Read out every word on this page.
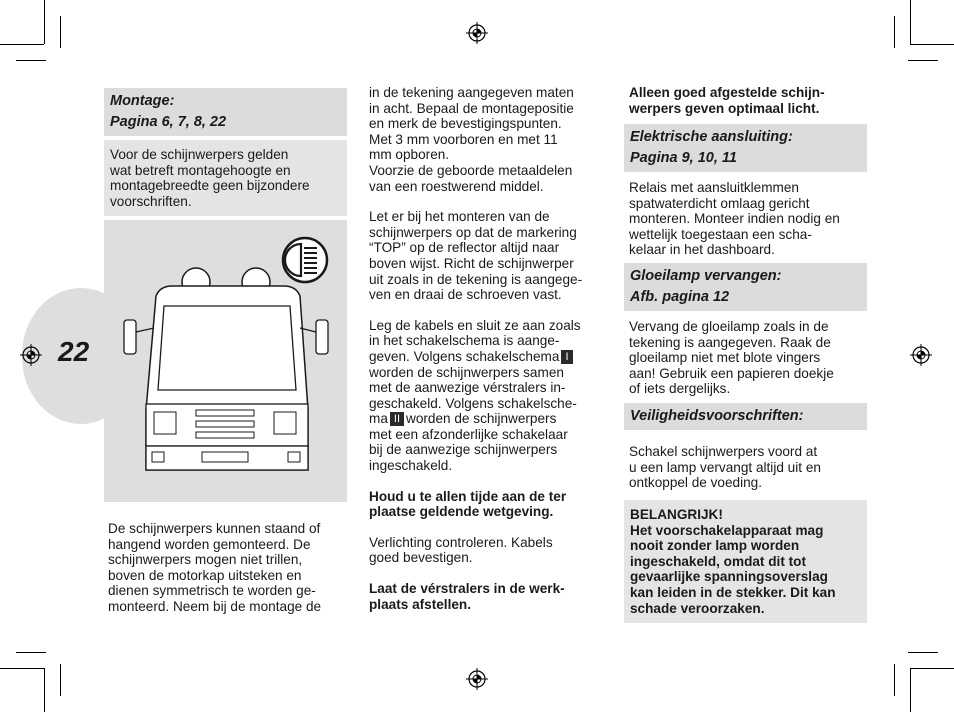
22

Montage:
Pagina 6, 7, 8, 22

Voor de schijnwerpers gelden
wat betreft montagehoogte en
montagebreedte geen bijzondere
voorschriften.

De schijnwerpers kunnen staand of
hangend worden gemonteerd. De
schijnwerpers mogen niet trillen,
boven de motorkap uitsteken en
dienen symmetrisch te worden ge-
monteerd. Neem bij de montage de

in de tekening aangegeven maten
in acht. Bepaal de montagepositie
en merk de bevestigingspunten.
Met 3 mm voorboren en met 11
mm opboren.
Voorzie de geboorde metaaldelen
van een roestwerend middel.

Let er bij het monteren van de
schijnwerpers op dat de markering
“TOP” op de reflector altijd naar
boven wijst. Richt de schijnwerper
uit zoals in de tekening is aangege-
ven en draai de schroeven vast.

Leg de kabels en sluit ze aan zoals
in het schakelschema is aange-
geven. Volgens schakelschema I
worden de schijnwerpers samen
met de aanwezige vérstralers in-
geschakeld. Volgens schakelsche-
ma II worden de schijnwerpers
met een afzonderlijke schakelaar
bij de aanwezige schijnwerpers
ingeschakeld.

Houd u te allen tijde aan de ter
plaatse geldende wetgeving.

Verlichting controleren. Kabels
goed bevestigen.

Laat de vérstralers in de werk-
plaats afstellen.

Alleen goed afgestelde schijn-
werpers geven optimaal licht.

Elektrische aansluiting:
Pagina 9, 10, 11

Relais met aansluitklemmen
spatwaterdicht omlaag gericht
monteren. Monteer indien nodig en
wettelijk toegestaan een scha-
kelaar in het dashboard.

Gloeilamp vervangen:
Afb. pagina 12

Vervang de gloeilamp zoals in de
tekening is aangegeven. Raak de
gloeilamp niet met blote vingers
aan! Gebruik een papieren doekje
of iets dergelijks.

Veiligheidsvoorschriften:

Schakel schijnwerpers voord at
u een lamp vervangt altijd uit en
ontkoppel de voeding.

BELANGRIJK!

Het voorschakelapparaat mag
nooit zonder lamp worden
ingeschakeld, omdat dit tot
gevaarlijke spanningsoverslag
kan leiden in de stekker. Dit kan
schade veroorzaken.
